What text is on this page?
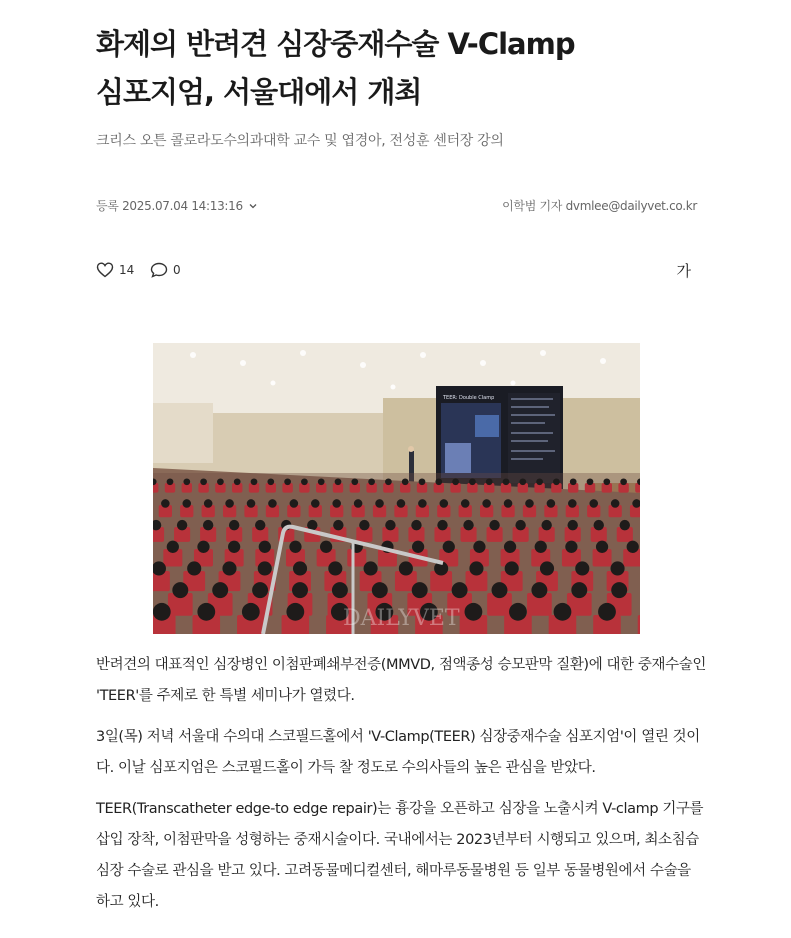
화제의 반려견 심장중재수술 V-Clamp
심포지엄, 서울대에서 개최
크리스 오튼 콜로라도수의과대학 교수 및 엽경아, 전성훈 센터장 강의
등록 2025.07.04 14:13:16	이학범 기자 dvmlee@dailyvet.co.kr
14	0	가
TEER: Double Clamp
DAILYVET

반려견의 대표적인 심장병인 이첨판폐쇄부전증(MMVD, 점액종성 승모판막 질환)에 대한 중재수술인 'TEER'를 주제로 한 특별 세미나가 열렸다.

3일(목) 저녁 서울대 수의대 스코필드홀에서 'V-Clamp(TEER) 심장중재수술 심포지엄'이 열린 것이다. 이날 심포지엄은 스코필드홀이 가득 찰 정도로 수의사들의 높은 관심을 받았다.

TEER(Transcatheter edge-to edge repair)는 흉강을 오픈하고 심장을 노출시켜 V-clamp 기구를 삽입 장착, 이첨판막을 성형하는 중재시술이다. 국내에서는 2023년부터 시행되고 있으며, 최소침습 심장 수술로 관심을 받고 있다. 고려동물메디컬센터, 해마루동물병원 등 일부 동물병원에서 수술을 하고 있다.
